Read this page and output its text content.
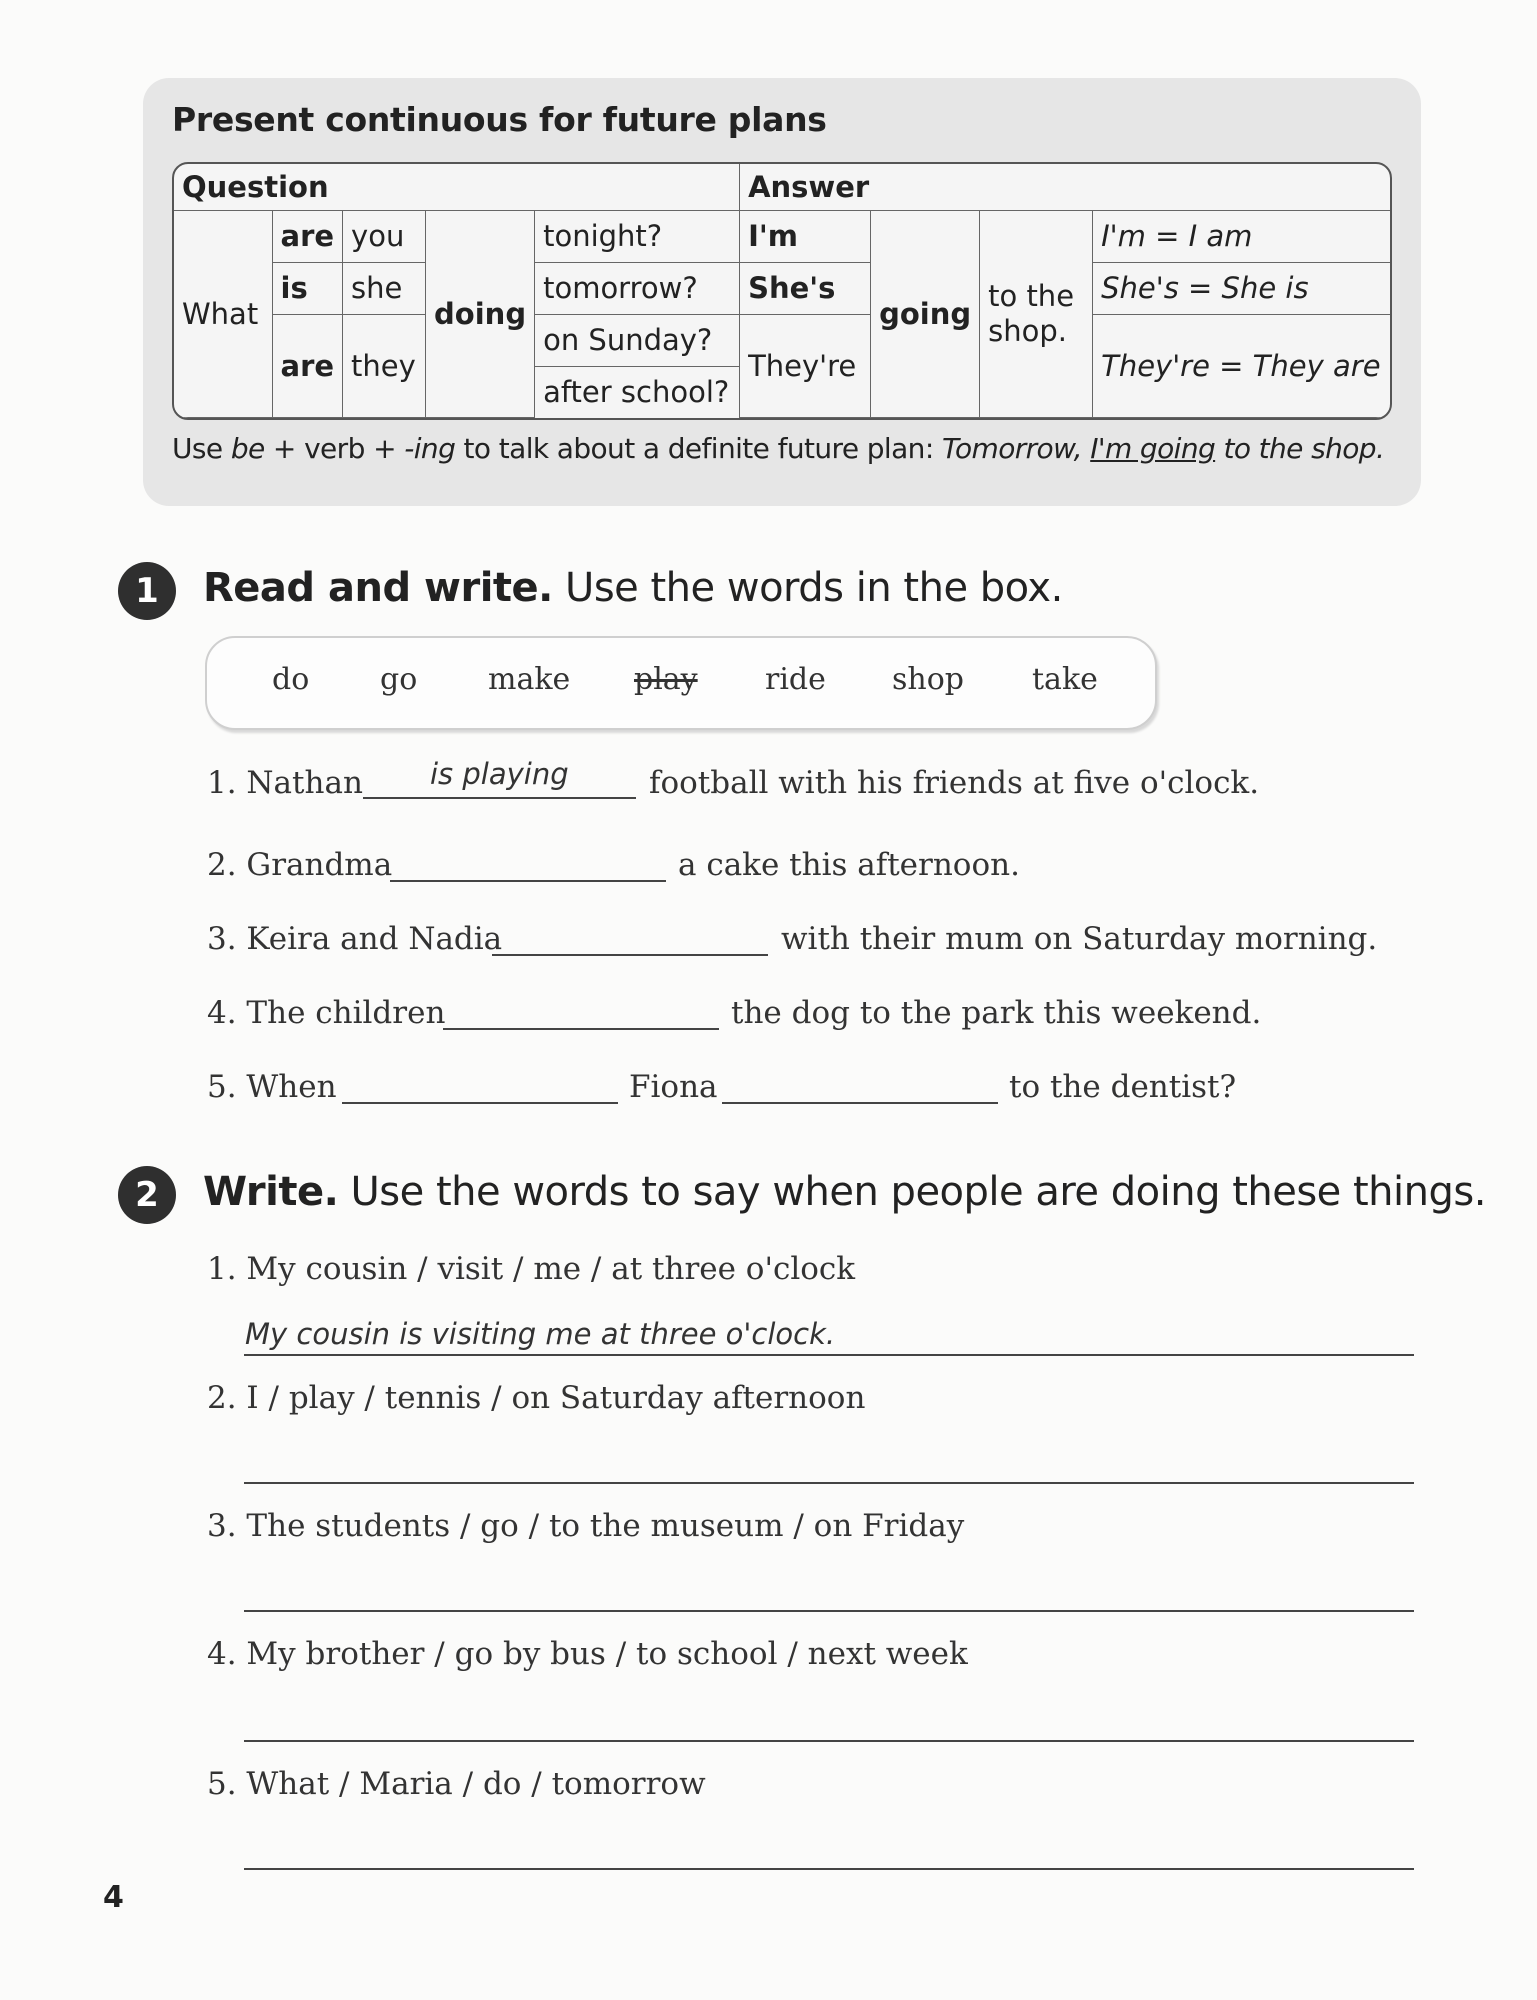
Present continuous for future plans
Question					Answer			
What	are	you	doing	tonight?	I'm	going	to the shop.	I'm = I am
	is	she		tomorrow?	She's			She's = She is
	are	they		on Sunday?	They're			They're = They are
				after school?				
Use be + verb + -ing to talk about a definite future plan: Tomorrow, I'm going to the shop.
1	Read and write. Use the words in the box.
do go make play ride shop take
1. Nathan is playing	football with his friends at five o'clock.
2. Grandma	a cake this afternoon.
3. Keira and Nadia	with their mum on Saturday morning.
4. The children	the dog to the park this weekend.
5. When	Fiona	to the dentist?
2	Write. Use the words to say when people are doing these things.
1. My cousin / visit / me / at three o'clock
My cousin is visiting me at three o'clock.
2. I / play / tennis / on Saturday afternoon
3. The students / go / to the museum / on Friday
4. My brother / go by bus / to school / next week
5. What / Maria / do / tomorrow
4
